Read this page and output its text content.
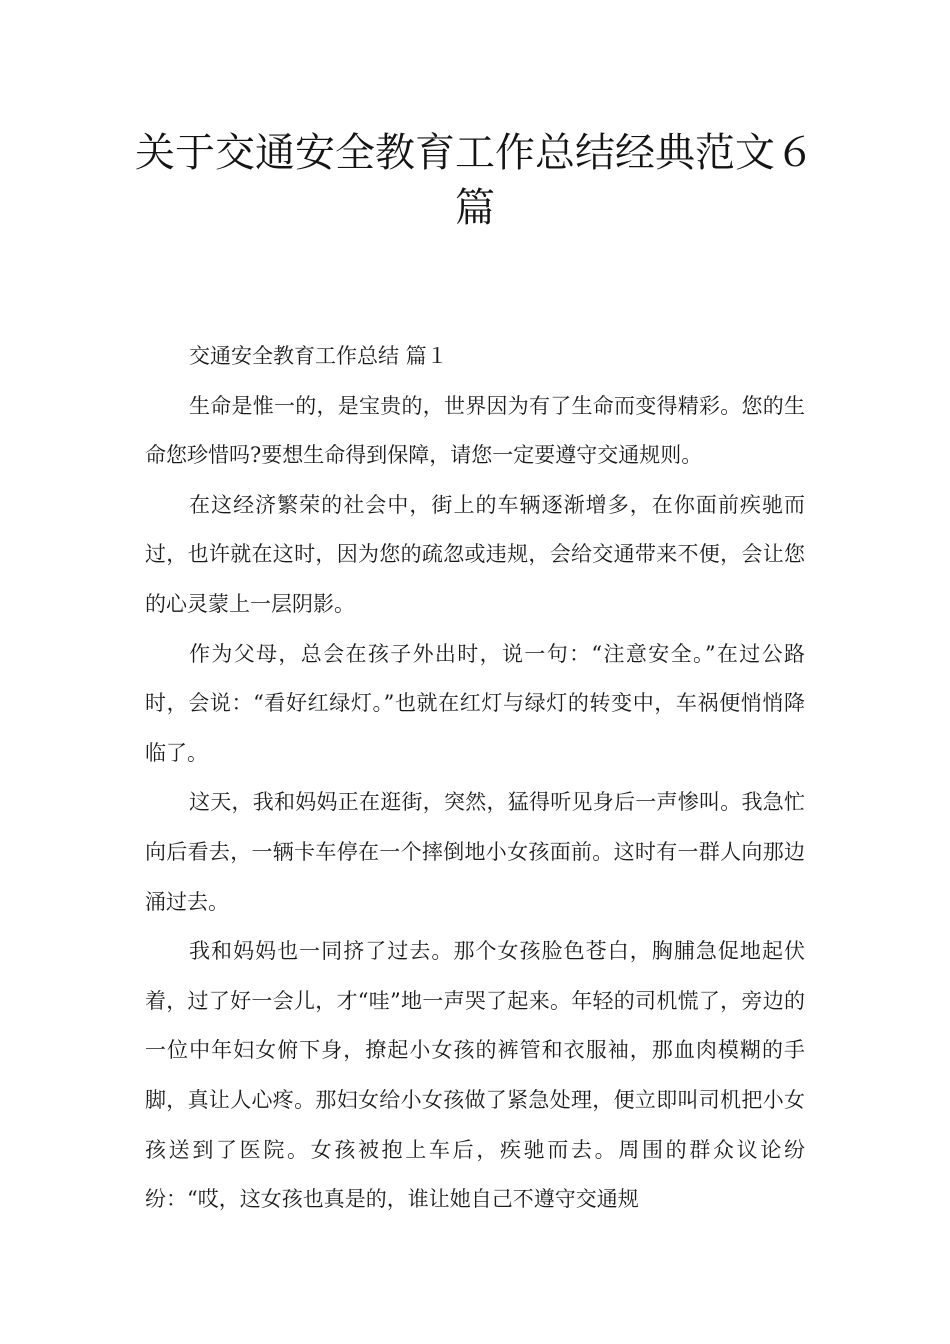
关于交通安全教育工作总结经典范文６篇

交通安全教育工作总结 篇１

生命是惟一的，是宝贵的，世界因为有了生命而变得精彩。您的生命您珍惜吗?要想生命得到保障，请您一定要遵守交通规则。

在这经济繁荣的社会中，街上的车辆逐渐增多，在你面前疾驰而过，也许就在这时，因为您的疏忽或违规，会给交通带来不便，会让您的心灵蒙上一层阴影。

作为父母，总会在孩子外出时，说一句：“注意安全。”在过公路时，会说：“看好红绿灯。”也就在红灯与绿灯的转变中，车祸便悄悄降临了。

这天，我和妈妈正在逛街，突然，猛得听见身后一声惨叫。我急忙向后看去，一辆卡车停在一个摔倒地小女孩面前。这时有一群人向那边涌过去。

我和妈妈也一同挤了过去。那个女孩脸色苍白，胸脯急促地起伏着，过了好一会儿，才“哇”地一声哭了起来。年轻的司机慌了，旁边的一位中年妇女俯下身，撩起小女孩的裤管和衣服袖，那血肉模糊的手脚，真让人心疼。那妇女给小女孩做了紧急处理，便立即叫司机把小女孩送到了医院。女孩被抱上车后，疾驰而去。周围的群众议论纷纷：“哎，这女孩也真是的，谁让她自己不遵守交通规
